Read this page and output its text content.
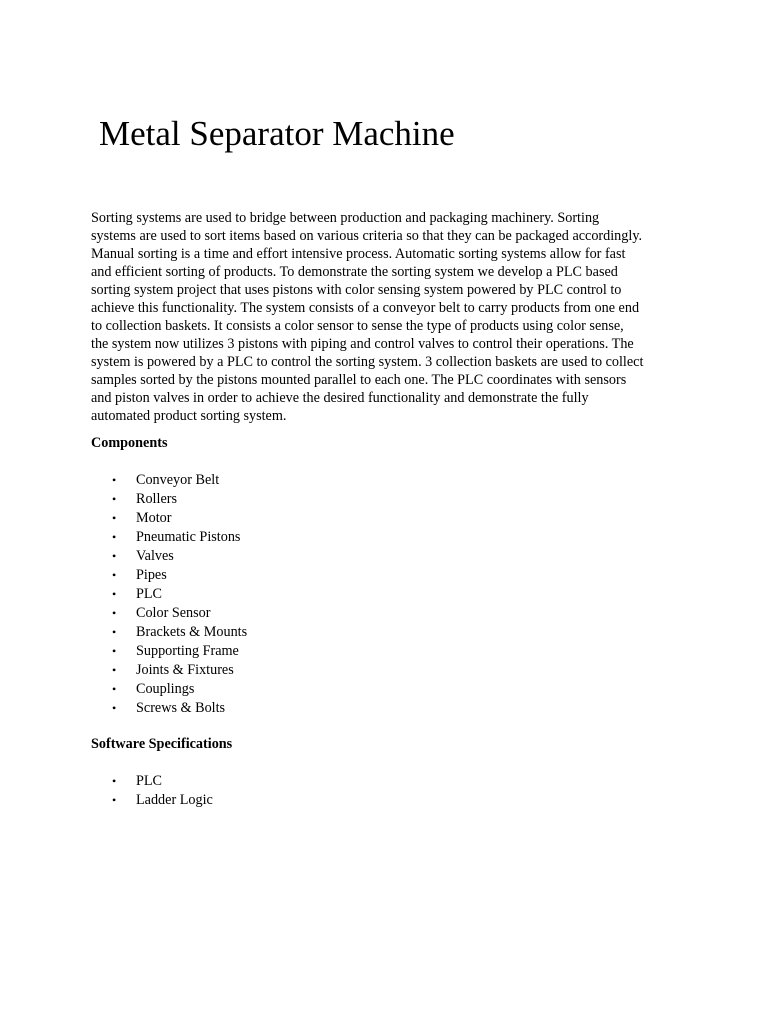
Metal Separator Machine

Sorting systems are used to bridge between production and packaging machinery. Sorting
systems are used to sort items based on various criteria so that they can be packaged accordingly.
Manual sorting is a time and effort intensive process. Automatic sorting systems allow for fast
and efficient sorting of products. To demonstrate the sorting system we develop a PLC based
sorting system project that uses pistons with color sensing system powered by PLC control to
achieve this functionality. The system consists of a conveyor belt to carry products from one end
to collection baskets. It consists a color sensor to sense the type of products using color sense,
the system now utilizes 3 pistons with piping and control valves to control their operations. The
system is powered by a PLC to control the sorting system. 3 collection baskets are used to collect
samples sorted by the pistons mounted parallel to each one. The PLC coordinates with sensors
and piston valves in order to achieve the desired functionality and demonstrate the fully
automated product sorting system.

Components
• Conveyor Belt
• Rollers
• Motor
• Pneumatic Pistons
• Valves
• Pipes
• PLC
• Color Sensor
• Brackets & Mounts
• Supporting Frame
• Joints & Fixtures
• Couplings
• Screws & Bolts
Software Specifications
• PLC
• Ladder Logic
